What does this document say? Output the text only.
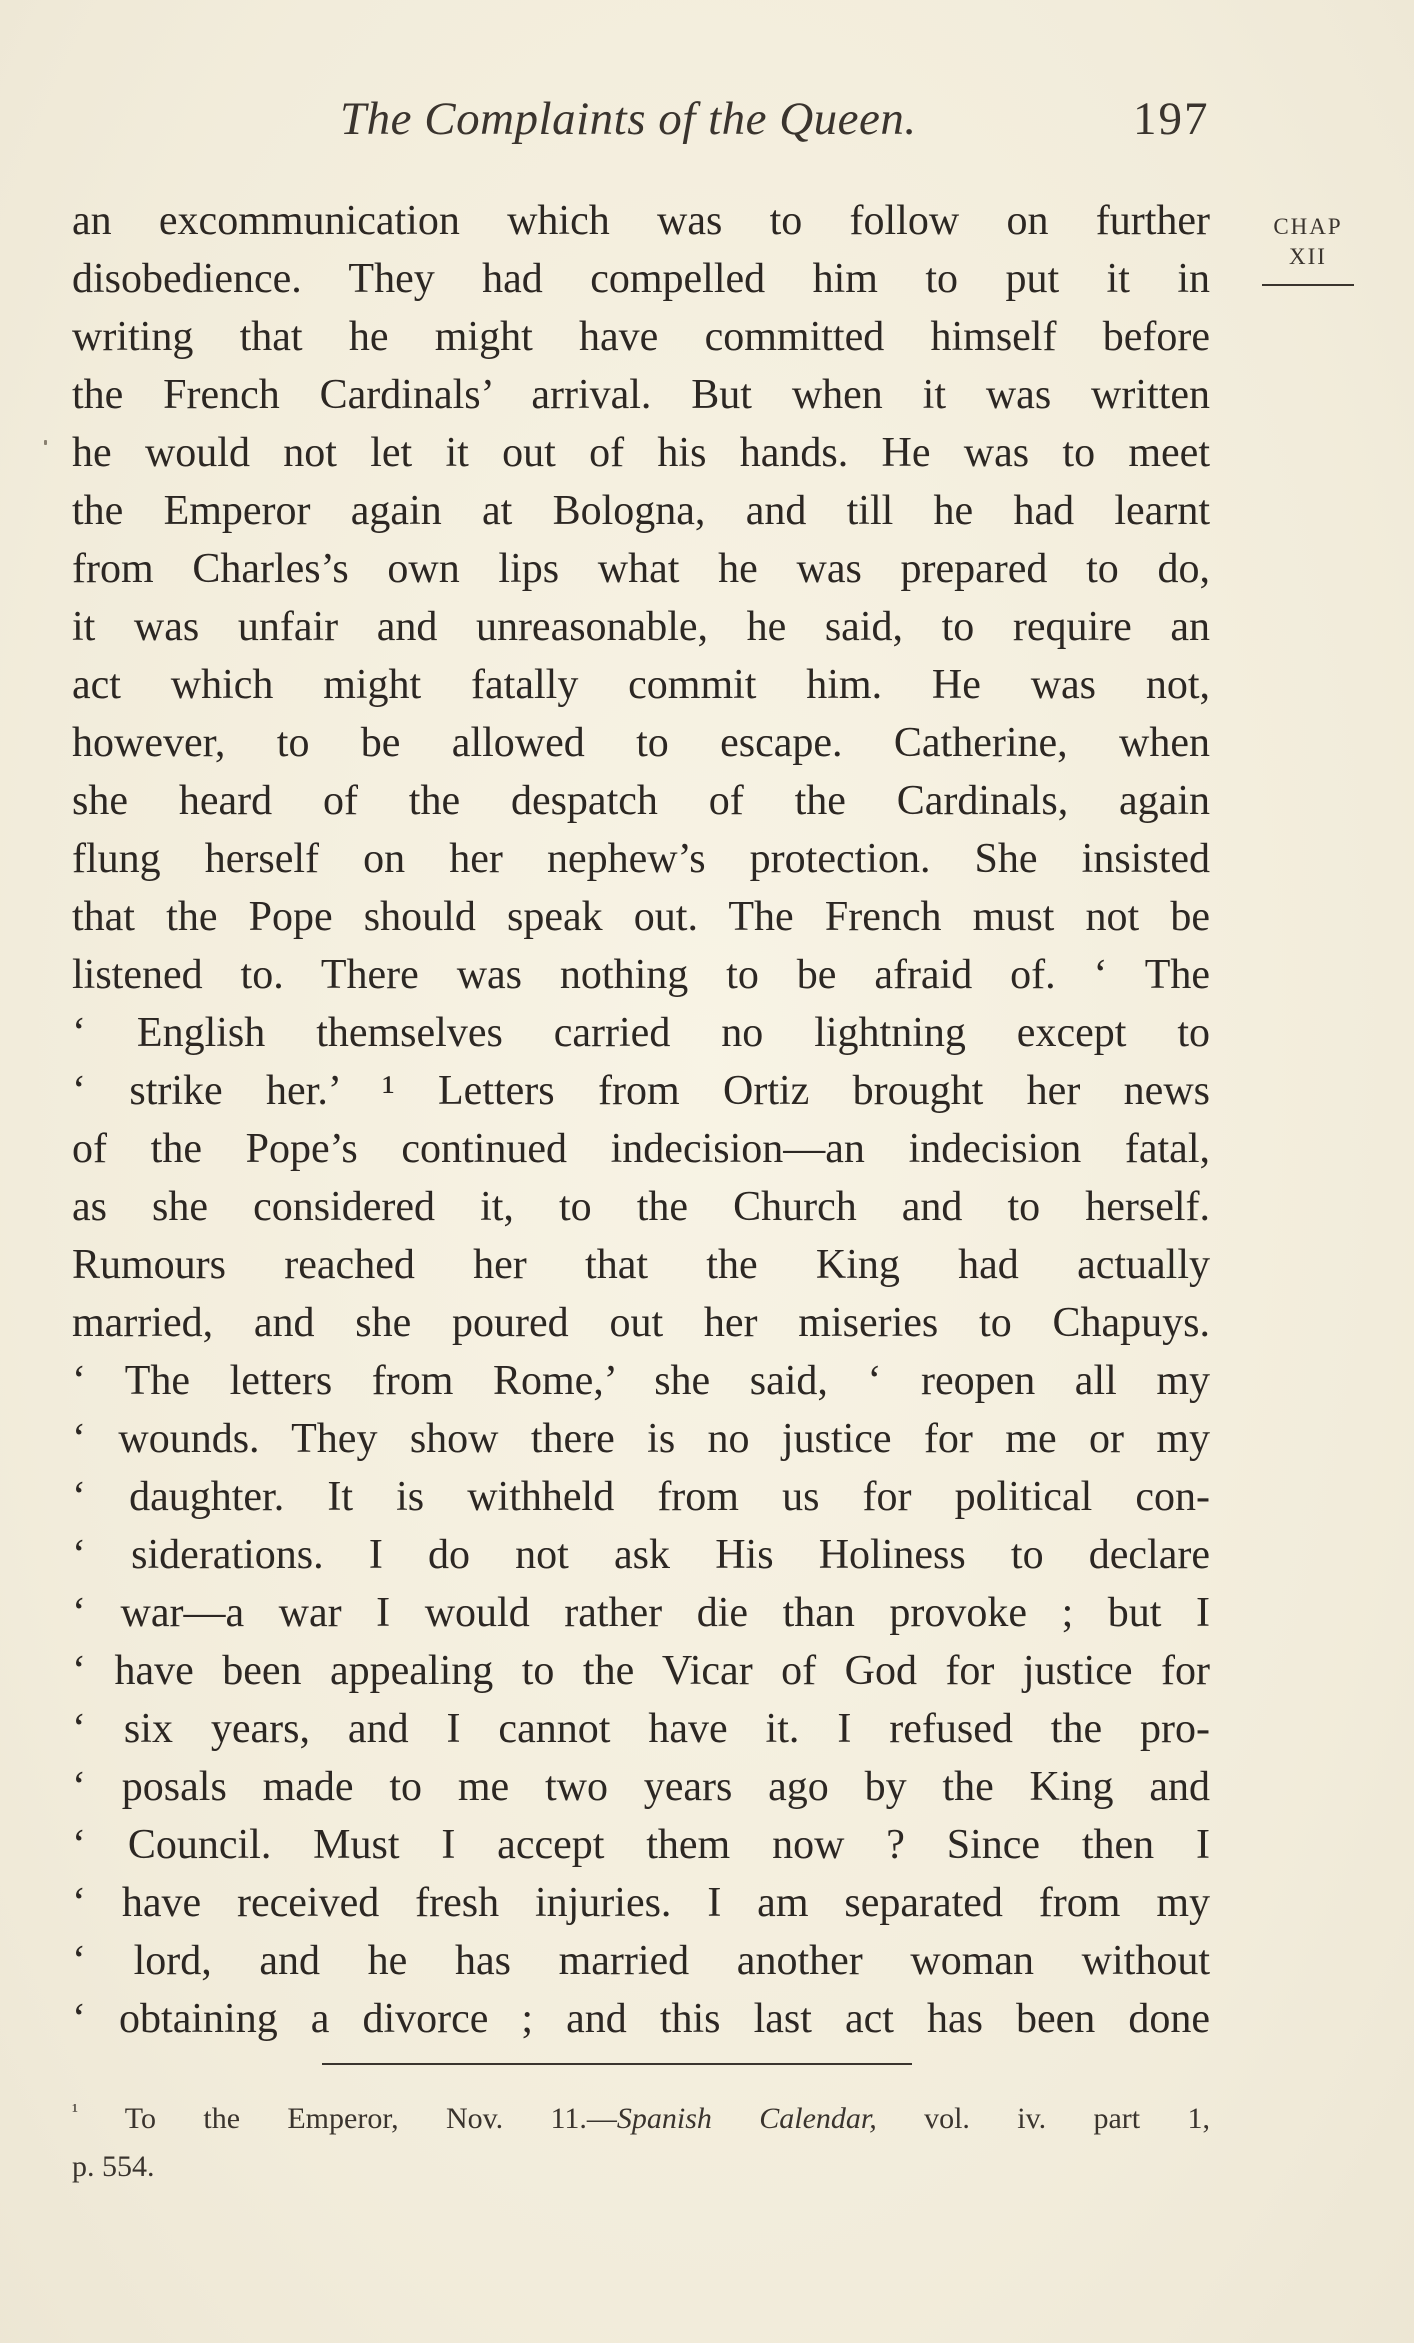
The Complaints of the Queen.	197
CHAP
XII
an excommunication which was to follow on further
disobedience. They had compelled him to put it in
writing that he might have committed himself before
the French Cardinals’ arrival. But when it was written
he would not let it out of his hands. He was to meet
the Emperor again at Bologna, and till he had learnt
from Charles’s own lips what he was prepared to do,
it was unfair and unreasonable, he said, to require an
act which might fatally commit him. He was not,
however, to be allowed to escape. Catherine, when
she heard of the despatch of the Cardinals, again
flung herself on her nephew’s protection. She insisted
that the Pope should speak out. The French must not be
listened to. There was nothing to be afraid of. ‘ The
‘ English themselves carried no lightning except to
‘ strike her.’ ¹ Letters from Ortiz brought her news
of the Pope’s continued indecision—an indecision fatal,
as she considered it, to the Church and to herself.
Rumours reached her that the King had actually
married, and she poured out her miseries to Chapuys.
‘ The letters from Rome,’ she said, ‘ reopen all my
‘ wounds. They show there is no justice for me or my
‘ daughter. It is withheld from us for political con-
‘ siderations. I do not ask His Holiness to declare
‘ war—a war I would rather die than provoke ; but I
‘ have been appealing to the Vicar of God for justice for
‘ six years, and I cannot have it. I refused the pro-
‘ posals made to me two years ago by the King and
‘ Council. Must I accept them now ? Since then I
‘ have received fresh injuries. I am separated from my
‘ lord, and he has married another woman without
‘ obtaining a divorce ; and this last act has been done
$^{^1}$ To the Emperor, Nov. 11.—Spanish Calendar, vol. iv. part 1,
p. 554.
